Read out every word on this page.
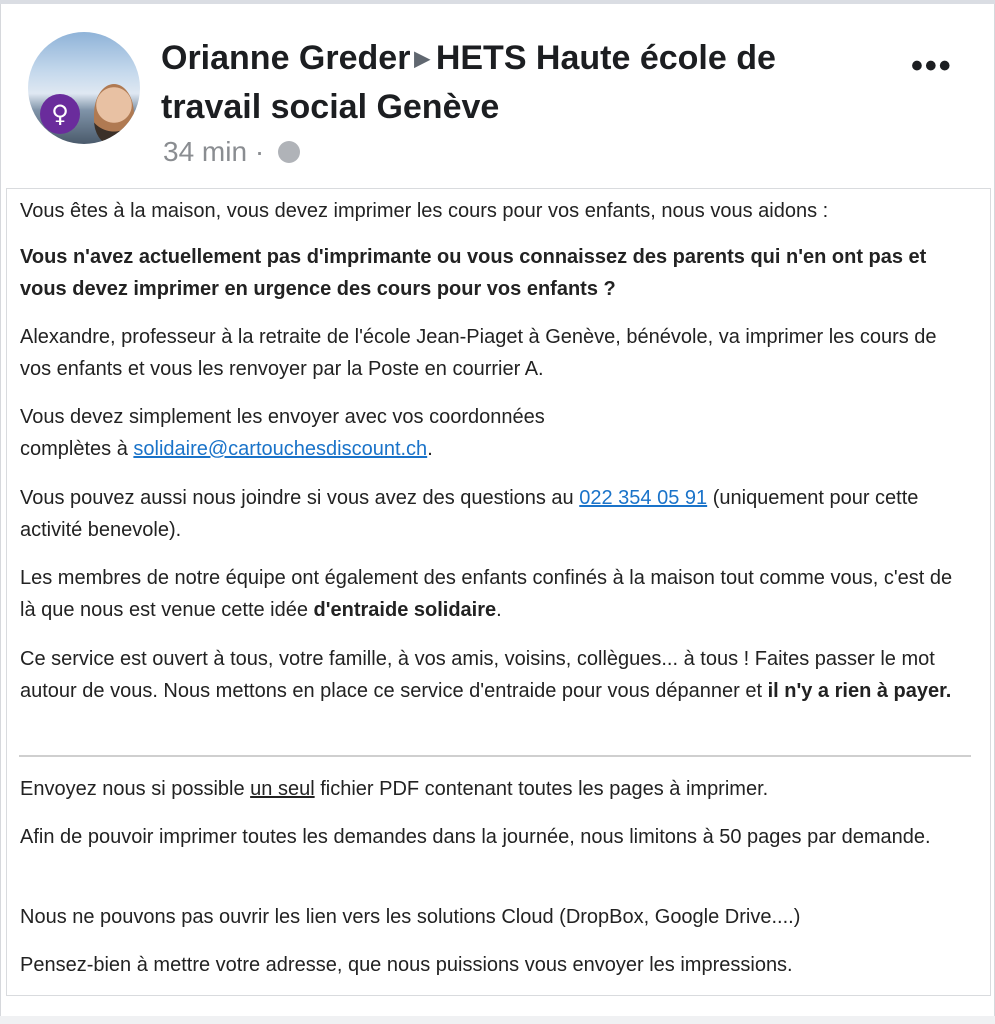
♀
Orianne Greder ▶ HETS Haute école de travail social Genève
34 min ·
•••
Vous êtes à la maison, vous devez imprimer les cours pour vos enfants, nous vous aidons :
Vous n'avez actuellement pas d'imprimante ou vous connaissez des parents qui n'en ont pas et vous devez imprimer en urgence des cours pour vos enfants ?
Alexandre, professeur à la retraite de l'école Jean-Piaget à Genève, bénévole, va imprimer les cours de vos enfants et vous les renvoyer par la Poste en courrier A.
Vous devez simplement les envoyer avec vos coordonnées
complètes à solidaire@cartouchesdiscount.ch.
Vous pouvez aussi nous joindre si vous avez des questions au 022 354 05 91 (uniquement pour cette activité benevole).
Les membres de notre équipe ont également des enfants confinés à la maison tout comme vous, c'est de là que nous est venue cette idée d'entraide solidaire.
Ce service est ouvert à tous, votre famille, à vos amis, voisins, collègues... à tous ! Faites passer le mot autour de vous. Nous mettons en place ce service d'entraide pour vous dépanner et il n'y a rien à payer.
Envoyez nous si possible un seul fichier PDF contenant toutes les pages à imprimer.
Afin de pouvoir imprimer toutes les demandes dans la journée, nous limitons à 50 pages par demande.
Nous ne pouvons pas ouvrir les lien vers les solutions Cloud (DropBox, Google Drive....)
Pensez-bien à mettre votre adresse, que nous puissions vous envoyer les impressions.
